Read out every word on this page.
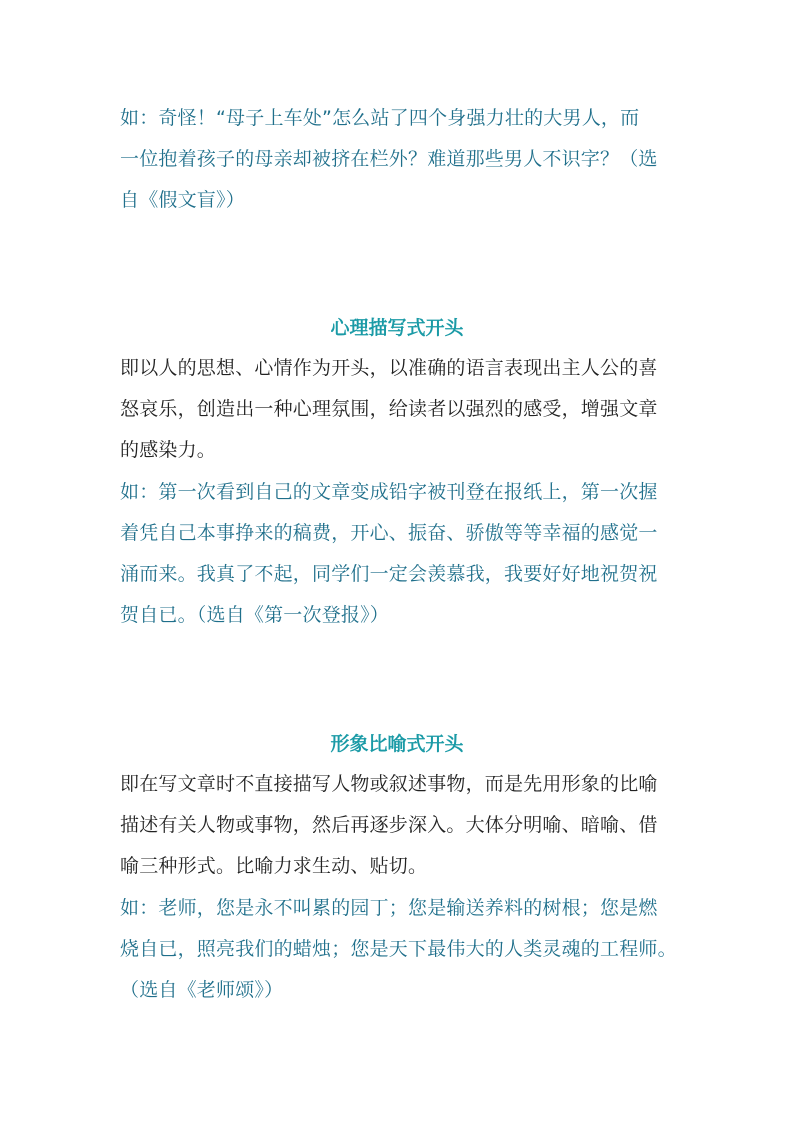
如：奇怪！“母子上车处”怎么站了四个身强力壮的大男人，而
一位抱着孩子的母亲却被挤在栏外？难道那些男人不识字？（选
自《假文盲》）
心理描写式开头
即以人的思想、心情作为开头，以准确的语言表现出主人公的喜
怒哀乐，创造出一种心理氛围，给读者以强烈的感受，增强文章
的感染力。
如：第一次看到自己的文章变成铅字被刊登在报纸上，第一次握
着凭自己本事挣来的稿费，开心、振奋、骄傲等等幸福的感觉一
涌而来。我真了不起，同学们一定会羡慕我，我要好好地祝贺祝
贺自已。（选自《第一次登报》）
形象比喻式开头
即在写文章时不直接描写人物或叙述事物，而是先用形象的比喻
描述有关人物或事物，然后再逐步深入。大体分明喻、暗喻、借
喻三种形式。比喻力求生动、贴切。
如：老师，您是永不叫累的园丁；您是输送养料的树根；您是燃
烧自已，照亮我们的蜡烛；您是天下最伟大的人类灵魂的工程师。
（选自《老师颂》）
